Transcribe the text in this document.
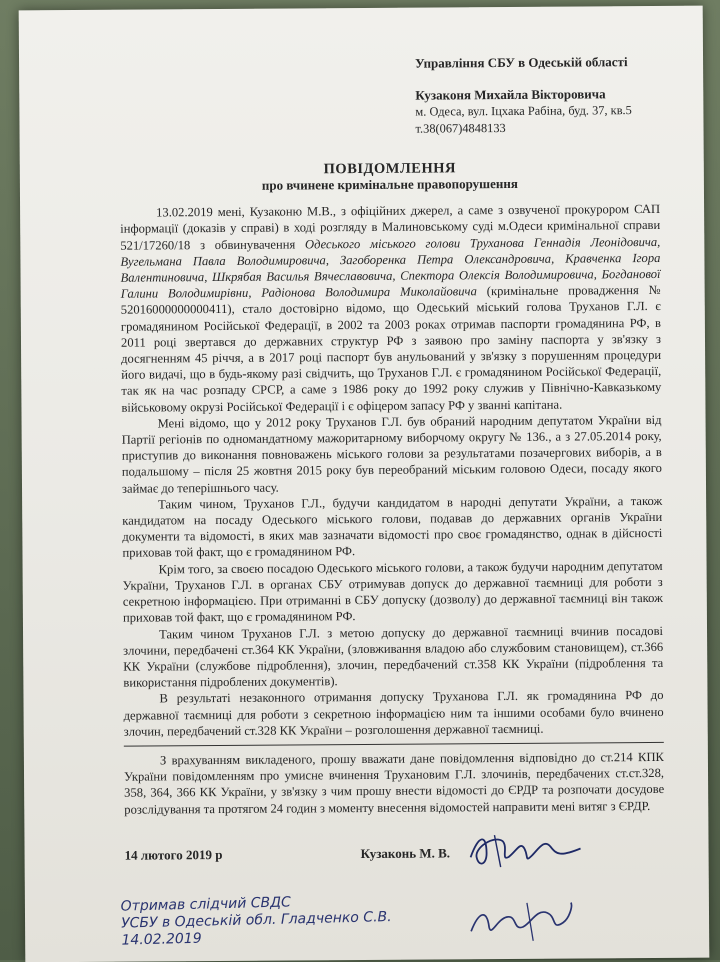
Управління СБУ в Одеській області
Кузаконя Михайла Вікторовича
м. Одеса, вул. Іцхака Рабіна, буд. 37, кв.5
т.38(067)4848133
ПОВІДОМЛЕННЯ
про вчинене кримінальне правопорушення

13.02.2019 мені, Кузаконю М.В., з офіційних джерел, а саме з озвученої прокурором САП інформації (доказів у справі) в ході розгляду в Малиновському суді м.Одеси кримінальної справи 521/17260/18 з обвинувачення Одеського міського голови Труханова Геннадія Леонідовича, Вугельмана Павла Володимировича, Загоборенка Петра Олександровича, Кравченка Ігора Валентиновича, Шкрябая Василья Вячеславовича, Спектора Олексія Володимировича, Богданової Галини Володимирівни, Радіонова Володимира Миколайовича (кримінальне провадження № 52016000000000411), стало достовірно відомо, що Одеський міський голова Труханов Г.Л. є громадянином Російської Федерації, в 2002 та 2003 роках отримав паспорти громадянина РФ, в 2011 році звертався до державних структур РФ з заявою про заміну паспорта у зв'язку з досягненням 45 річчя, а в 2017 році паспорт був анульований у зв'язку з порушенням процедури його видачі, що в будь-якому разі свідчить, що Труханов Г.Л. є громадянином Російської Федерації, так як на час розпаду СРСР, а саме з 1986 року до 1992 року служив у Північно-Кавказькому військовому окрузі Російської Федерації і є офіцером запасу РФ у званні капітана.

Мені відомо, що у 2012 року Труханов Г.Л. був обраний народним депутатом України від Партії регіонів по одномандатному мажоритарному виборчому округу № 136., а з 27.05.2014 року, приступив до виконання повноважень міського голови за результатами позачергових виборів, а в подальшому – після 25 жовтня 2015 року був переобраний міським головою Одеси, посаду якого займає до теперішнього часу.

Таким чином, Труханов Г.Л., будучи кандидатом в народні депутати України, а також кандидатом на посаду Одеського міського голови, подавав до державних органів України документи та відомості, в яких мав зазначати відомості про своє громадянство, однак в дійсності приховав той факт, що є громадянином РФ.

Крім того, за своєю посадою Одеського міського голови, а також будучи народним депутатом України, Труханов Г.Л. в органах СБУ отримував допуск до державної таємниці для роботи з секретною інформацією. При отриманні в СБУ допуску (дозволу) до державної таємниці він також приховав той факт, що є громадянином РФ.

Таким чином Труханов Г.Л. з метою допуску до державної таємниці вчинив посадові злочини, передбачені ст.364 КК України, (зловживання владою або службовим становищем), ст.366 КК України (службове підроблення), злочин, передбачений ст.358 КК України (підроблення та використання підроблених документів).

В результаті незаконного отримання допуску Труханова Г.Л. як громадянина РФ до державної таємниці для роботи з секретною інформацією ним та іншими особами було вчинено злочин, передбачений ст.328 КК України – розголошення державної таємниці.

З врахуванням викладеного, прошу вважати дане повідомлення відповідно до ст.214 КПК України повідомленням про умисне вчинення Трухановим Г.Л. злочинів, передбачених ст.ст.328, 358, 364, 366 КК України, у зв'язку з чим прошу внести відомості до ЄРДР та розпочати досудове розслідування та протягом 24 годин з моменту внесення відомостей направити мені витяг з ЄРДР.

14 лютого 2019 р	Кузаконь М. В.
Отримав слідчий СВДС
УСБУ в Одеській обл. Гладченко С.В.
14.02.2019
